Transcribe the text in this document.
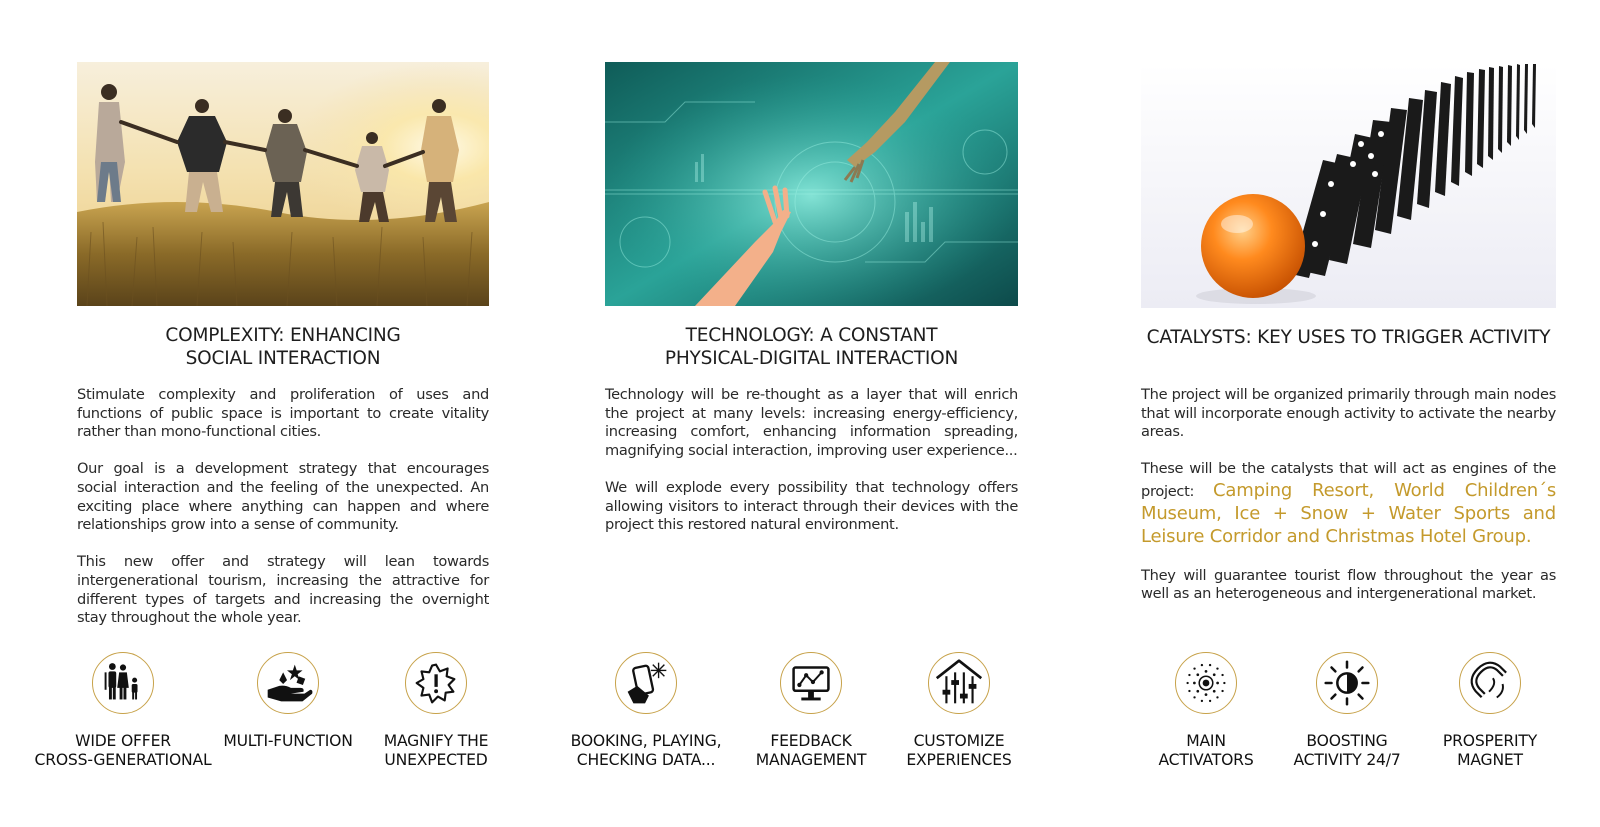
COMPLEXITY: ENHANCING
SOCIAL INTERACTION

Stimulate complexity and proliferation of uses and functions of public space is important to create vitality rather than mono-functional cities.

Our goal is a development strategy that encourages social interaction and the feeling of the unexpected. An exciting place where anything can happen and where relationships grow into a sense of community.

This new offer and strategy will lean towards intergenerational tourism, increasing the attractive for different types of targets and increasing the overnight stay throughout the whole year.

WIDE OFFER
CROSS-GENERATIONAL
MULTI-FUNCTION	MAGNIFY THE
UNEXPECTED
TECHNOLOGY: A CONSTANT
PHYSICAL-DIGITAL INTERACTION

Technology will be re-thought as a layer that will enrich the project at many levels: increasing energy-efficiency, increasing comfort, enhancing information spreading, magnifying social interaction, improving user experience...

We will explode every possibility that technology offers allowing visitors to interact through their devices with the project this restored natural environment.

BOOKING, PLAYING,
CHECKING DATA...
FEEDBACK
MANAGEMENT
CUSTOMIZE
EXPERIENCES
CATALYSTS: KEY USES TO TRIGGER ACTIVITY

The project will be organized primarily through main nodes that will incorporate enough activity to activate the nearby areas.

These will be the catalysts that will act as engines of the project: Camping Resort, World Children´s Museum, Ice + Snow + Water Sports and Leisure Corridor and Christmas Hotel Group.

They will guarantee tourist flow throughout the year as well as an heterogeneous and intergenerational market.

MAIN
ACTIVATORS
BOOSTING
ACTIVITY 24/7
PROSPERITY
MAGNET
